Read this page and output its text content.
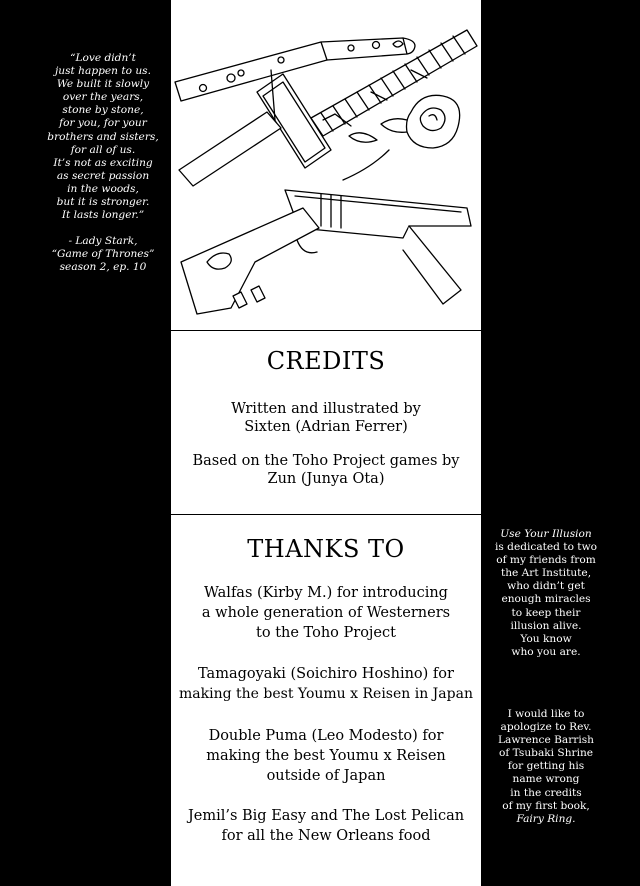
“Love didn’t
just happen to us.
We built it slowly
over the years,
stone by stone,
for you, for your
brothers and sisters,
for all of us.
It’s not as exciting
as secret passion
in the woods,
but it is stronger.
It lasts longer.”
- Lady Stark,
“Game of Thrones”
season 2, ep. 10
CREDITS
Written and illustrated by
Sixten (Adrian Ferrer)
Based on the Toho Project games by
Zun (Junya Ota)
THANKS TO
Walfas (Kirby M.) for introducing
a whole generation of Westerners
to the Toho Project
Tamagoyaki (Soichiro Hoshino) for
making the best Youmu x Reisen in Japan
Double Puma (Leo Modesto) for
making the best Youmu x Reisen
outside of Japan
Jemil’s Big Easy and The Lost Pelican
for all the New Orleans food
Use Your Illusion
is dedicated to two
of my friends from
the Art Institute,
who didn’t get
enough miracles
to keep their
illusion alive.
You know
who you are.
I would like to
apologize to Rev.
Lawrence Barrish
of Tsubaki Shrine
for getting his
name wrong
in the credits
of my first book,
Fairy Ring.
